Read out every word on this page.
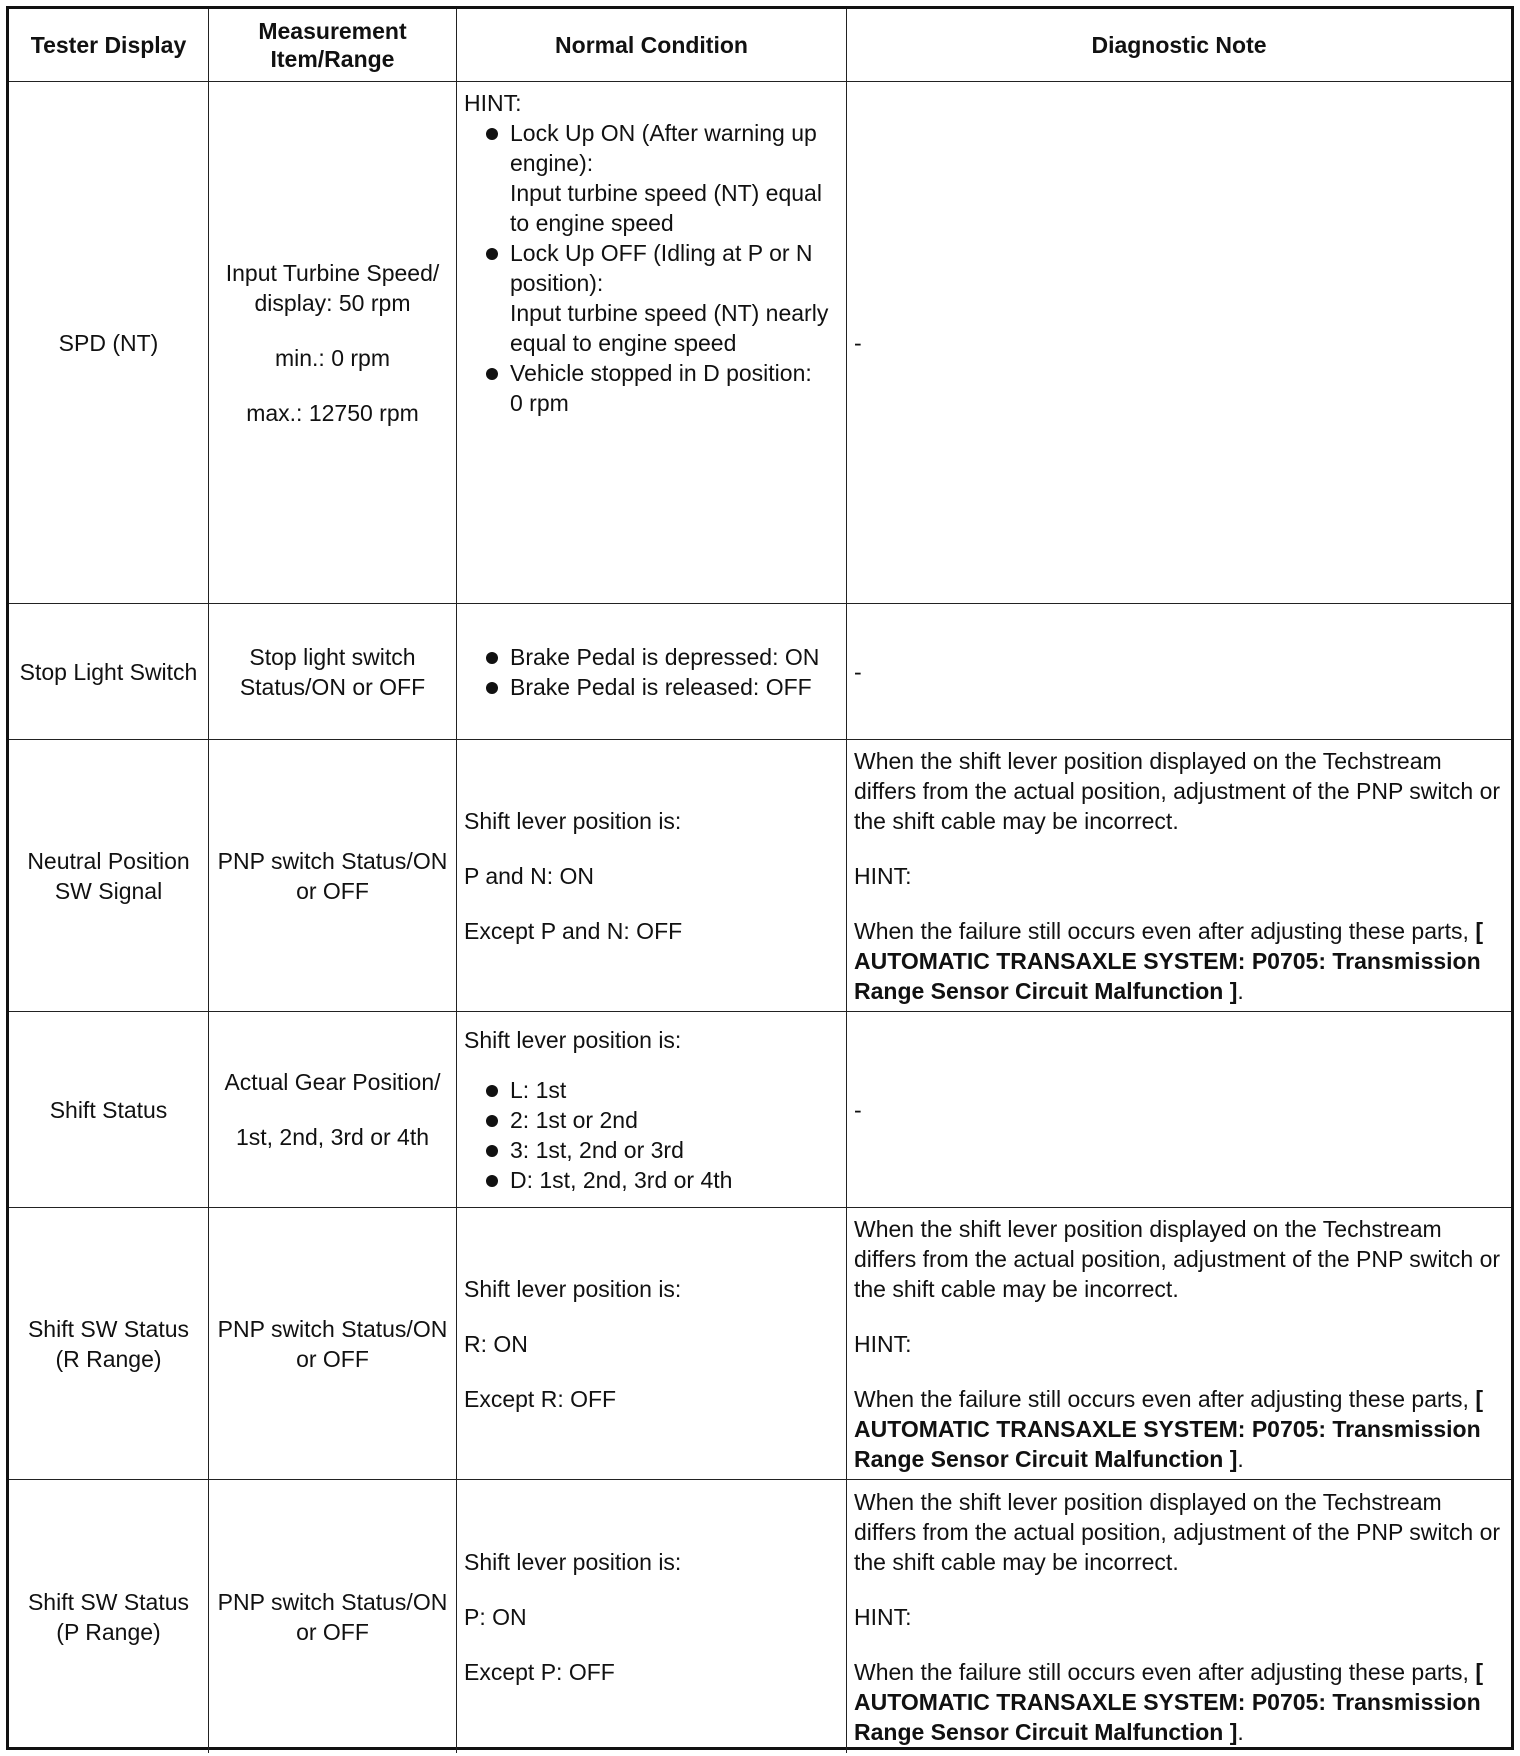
Tester Display
Measurement Item/Range
Normal Condition	Diagnostic Note

SPD (NT)

Input Turbine Speed/ display: 50 rpm

min.: 0 rpm

max.: 12750 rpm

HINT:

Lock Up ON (After warning up engine):

Input turbine speed (NT) equal to engine speed

Lock Up OFF (Idling at P or N position):

Input turbine speed (NT) nearly equal to engine speed

Vehicle stopped in D position:

0 rpm

-

Stop Light Switch

Stop light switch Status/ON or OFF

Brake Pedal is depressed: ON
Brake Pedal is released: OFF

-

Neutral Position SW Signal

PNP switch Status/ON or OFF

Shift lever position is:

P and N: ON

Except P and N: OFF

When the shift lever position displayed on the Techstream differs from the actual position, adjustment of the PNP switch or the shift cable may be incorrect.

HINT:

When the failure still occurs even after adjusting these parts, [ AUTOMATIC TRANSAXLE SYSTEM: P0705: Transmission Range Sensor Circuit Malfunction ].

Shift Status

Actual Gear Position/

1st, 2nd, 3rd or 4th

Shift lever position is:

L: 1st
2: 1st or 2nd
3: 1st, 2nd or 3rd
D: 1st, 2nd, 3rd or 4th

-

Shift SW Status (R Range)

PNP switch Status/ON or OFF

Shift lever position is:

R: ON

Except R: OFF

When the shift lever position displayed on the Techstream differs from the actual position, adjustment of the PNP switch or the shift cable may be incorrect.

HINT:

When the failure still occurs even after adjusting these parts, [ AUTOMATIC TRANSAXLE SYSTEM: P0705: Transmission Range Sensor Circuit Malfunction ].

Shift SW Status (P Range)

PNP switch Status/ON or OFF

Shift lever position is:

P: ON

Except P: OFF

When the shift lever position displayed on the Techstream differs from the actual position, adjustment of the PNP switch or the shift cable may be incorrect.

HINT:

When the failure still occurs even after adjusting these parts, [ AUTOMATIC TRANSAXLE SYSTEM: P0705: Transmission Range Sensor Circuit Malfunction ].
